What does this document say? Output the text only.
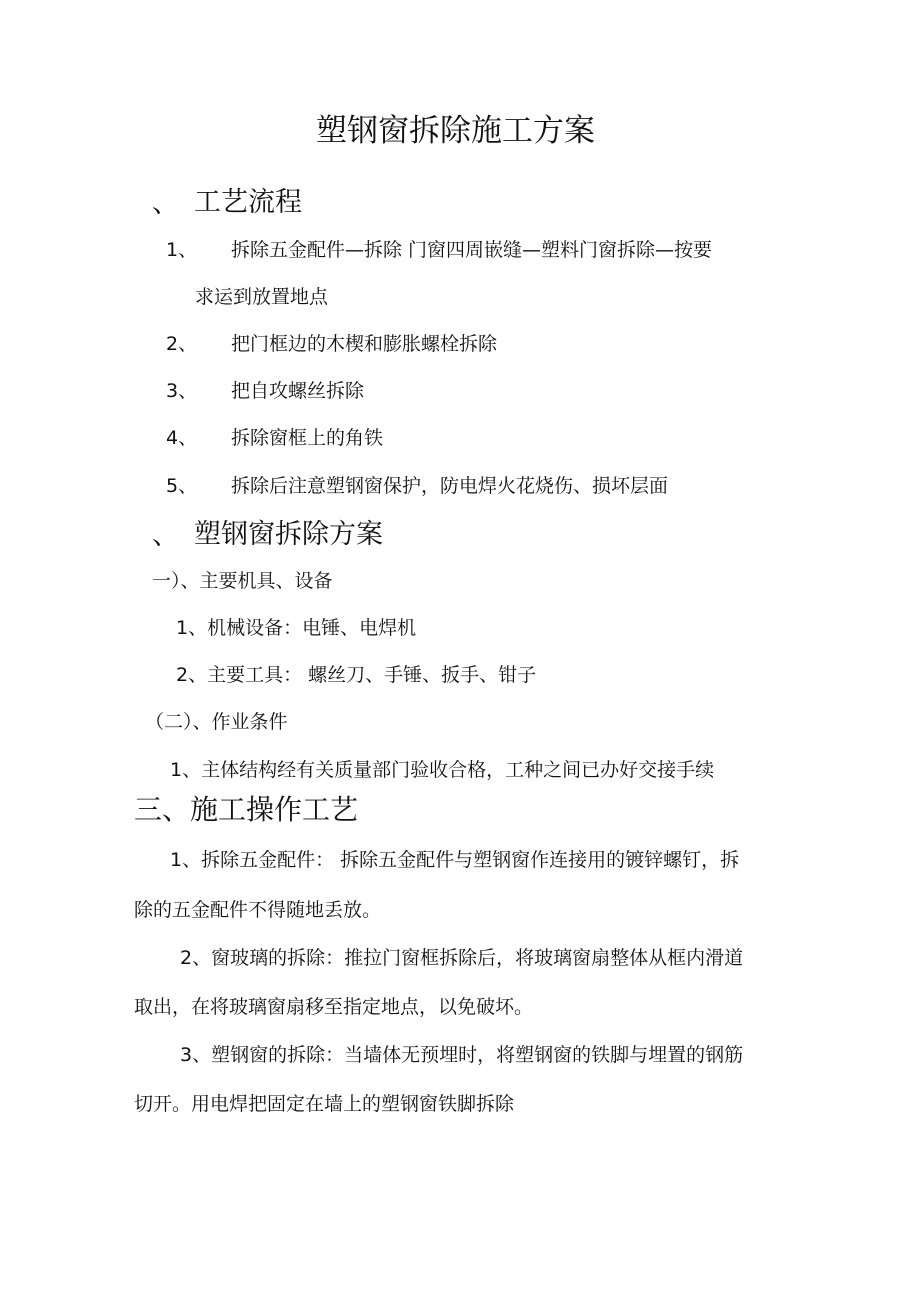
塑钢窗拆除施工方案
、 工艺流程
1、 拆除五金配件—拆除 门窗四周嵌缝—塑料门窗拆除—按要
求运到放置地点
2、 把门框边的木楔和膨胀螺栓拆除
3、 把自攻螺丝拆除
4、 拆除窗框上的角铁
5、 拆除后注意塑钢窗保护，防电焊火花烧伤、损坏层面
、 塑钢窗拆除方案
一）、主要机具、设备
1、机械设备：电锤、电焊机
2、主要工具： 螺丝刀、手锤、扳手、钳子
（二）、作业条件
1、主体结构经有关质量部门验收合格，工种之间已办好交接手续
三、施工操作工艺
1、拆除五金配件： 拆除五金配件与塑钢窗作连接用的镀锌螺钉，拆
除的五金配件不得随地丢放。
2、窗玻璃的拆除：推拉门窗框拆除后，将玻璃窗扇整体从框内滑道
取出，在将玻璃窗扇移至指定地点，以免破坏。
3、塑钢窗的拆除：当墙体无预埋时，将塑钢窗的铁脚与埋置的钢筋
切开。用电焊把固定在墙上的塑钢窗铁脚拆除
